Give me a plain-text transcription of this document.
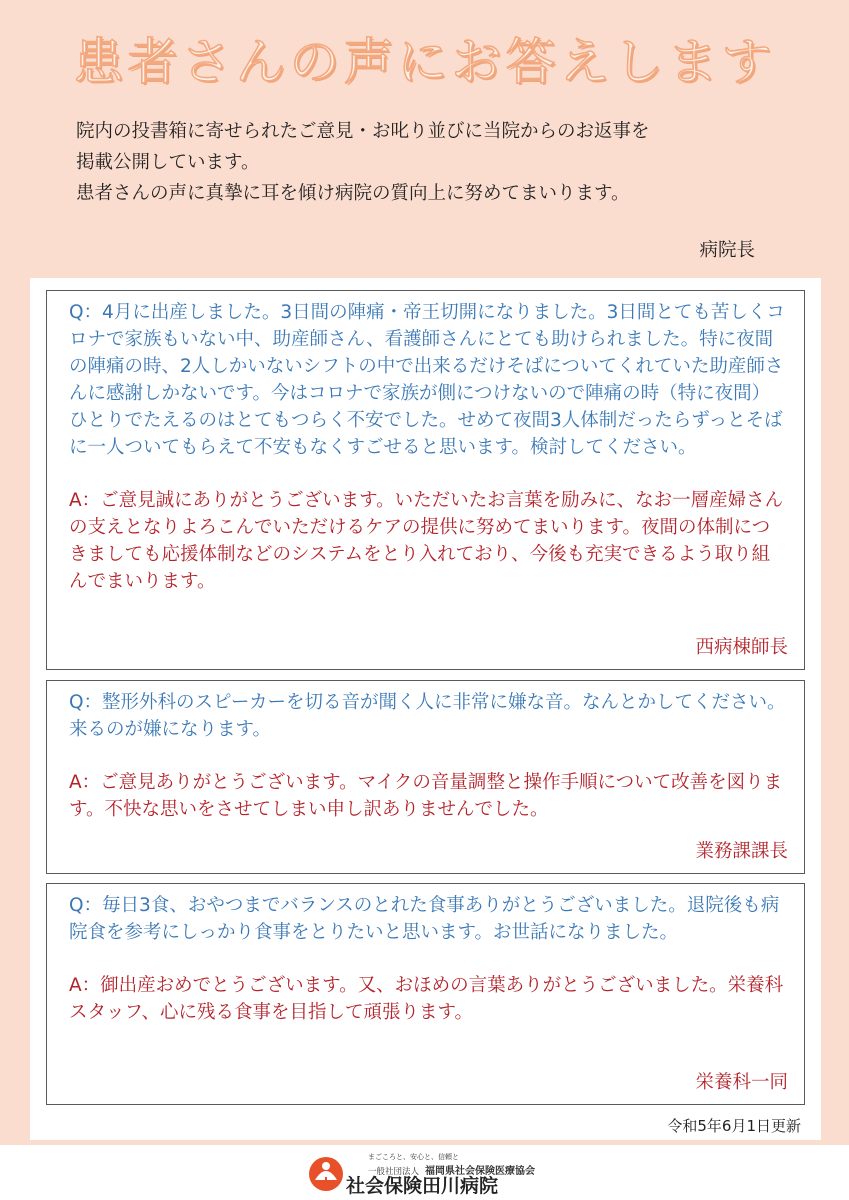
患者さんの声にお答えします

院内の投書箱に寄せられたご意見・お叱り並びに当院からのお返事を

掲載公開しています。

患者さんの声に真摯に耳を傾け病院の質向上に努めてまいります。

病院長

Q：4月に出産しました。3日間の陣痛・帝王切開になりました。3日間とても苦しくコロナで家族もいない中、助産師さん、看護師さんにとても助けられました。特に夜間の陣痛の時、2人しかいないシフトの中で出来るだけそばについてくれていた助産師さんに感謝しかないです。今はコロナで家族が側につけないので陣痛の時（特に夜間）ひとりでたえるのはとてもつらく不安でした。せめて夜間3人体制だったらずっとそばに一人ついてもらえて不安もなくすごせると思います。検討してください。

A：ご意見誠にありがとうございます。いただいたお言葉を励みに、なお一層産婦さんの支えとなりよろこんでいただけるケアの提供に努めてまいります。夜間の体制につきましても応援体制などのシステムをとり入れており、今後も充実できるよう取り組んでまいります。

西病棟師長

Q：整形外科のスピーカーを切る音が聞く人に非常に嫌な音。なんとかしてください。来るのが嫌になります。

A：ご意見ありがとうございます。マイクの音量調整と操作手順について改善を図ります。不快な思いをさせてしまい申し訳ありませんでした。

業務課課長

Q：毎日3食、おやつまでバランスのとれた食事ありがとうございました。退院後も病院食を参考にしっかり食事をとりたいと思います。お世話になりました。

A：御出産おめでとうございます。又、おほめの言葉ありがとうございました。栄養科スタッフ、心に残る食事を目指して頑張ります。

栄養科一同
令和5年6月1日更新
まごころと、安心と、信頼と
一般社団法人 福岡県社会保険医療協会
社会保険田川病院
